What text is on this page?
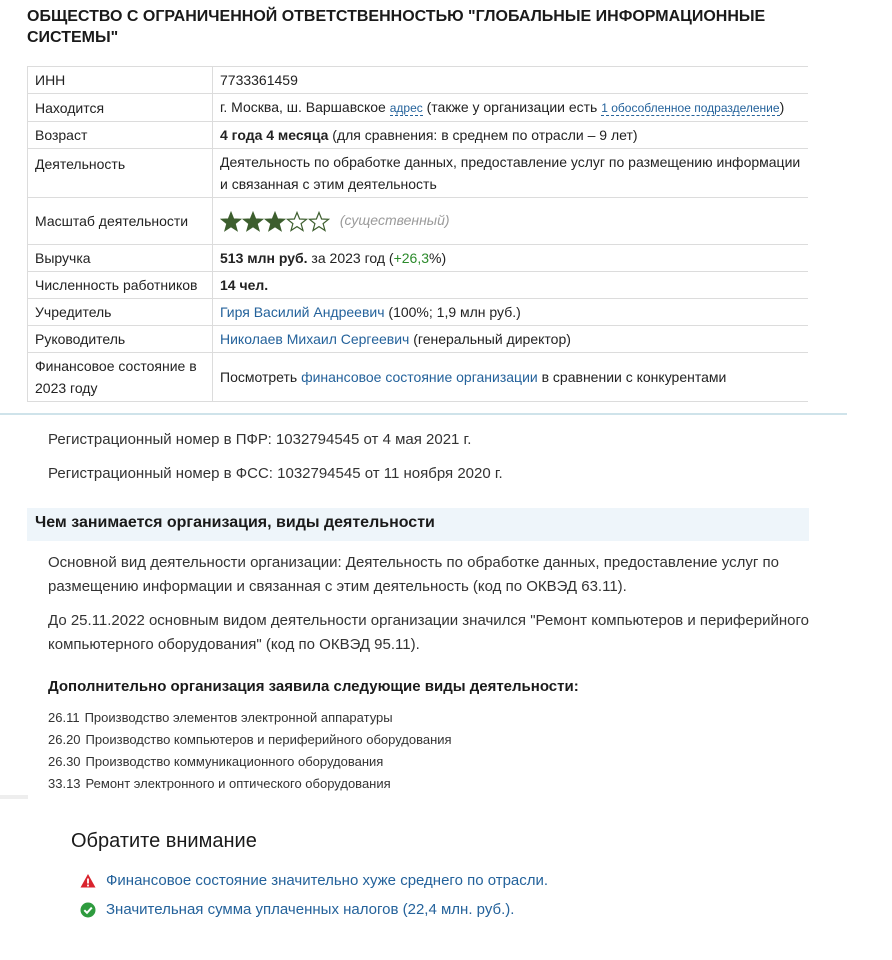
ОБЩЕСТВО С ОГРАНИЧЕННОЙ ОТВЕТСТВЕННОСТЬЮ "ГЛОБАЛЬНЫЕ ИНФОРМАЦИОННЫЕ СИСТЕМЫ"
ИНН	7733361459
Находится	г. Москва, ш. Варшавское адрес (также у организации есть 1 обособленное подразделение)
Возраст	4 года 4 месяца (для сравнения: в среднем по отрасли – 9 лет)
Деятельность	Деятельность по обработке данных, предоставление услуг по размещению информации и связанная с этим деятельность
Масштаб деятельности	(существенный)
Выручка	513 млн руб. за 2023 год (+26,3%)
Численность работников	14 чел.
Учредитель	Гиря Василий Андреевич (100%; 1,9 млн руб.)
Руководитель	Николаев Михаил Сергеевич (генеральный директор)
Финансовое состояние в 2023 году	Посмотреть финансовое состояние организации в сравнении с конкурентами
Регистрационный номер в ПФР: 1032794545 от 4 мая 2021 г.
Регистрационный номер в ФСС: 1032794545 от 11 ноября 2020 г.
Чем занимается организация, виды деятельности

Основной вид деятельности организации: Деятельность по обработке данных, предоставление услуг по размещению информации и связанная с этим деятельность (код по ОКВЭД 63.11).

До 25.11.2022 основным видом деятельности организации значился "Ремонт компьютеров и периферийного компьютерного оборудования" (код по ОКВЭД 95.11).

Дополнительно организация заявила следующие виды деятельности:
26.11 Производство элементов электронной аппаратуры
26.20 Производство компьютеров и периферийного оборудования
26.30 Производство коммуникационного оборудования
33.13 Ремонт электронного и оптического оборудования
Обратите внимание
Финансовое состояние значительно хуже среднего по отрасли.
Значительная сумма уплаченных налогов (22,4 млн. руб.).
